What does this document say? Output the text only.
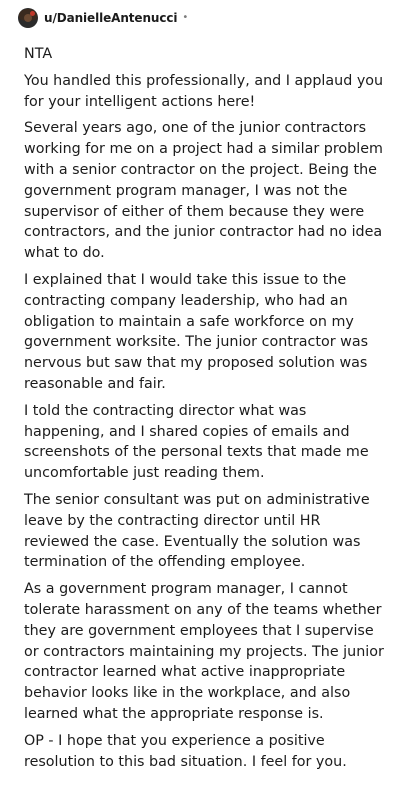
u/DanielleAntenucci •

NTA

You handled this professionally, and I applaud you for your intelligent actions here!

Several years ago, one of the junior contractors working for me on a project had a similar problem with a senior contractor on the project. Being the government program manager, I was not the supervisor of either of them because they were contractors, and the junior contractor had no idea what to do.

I explained that I would take this issue to the contracting company leadership, who had an obligation to maintain a safe workforce on my government worksite. The junior contractor was nervous but saw that my proposed solution was reasonable and fair.

I told the contracting director what was happening, and I shared copies of emails and screenshots of the personal texts that made me uncomfortable just reading them.

The senior consultant was put on administrative leave by the contracting director until HR reviewed the case. Eventually the solution was termination of the offending employee.

As a government program manager, I cannot tolerate harassment on any of the teams whether they are government employees that I supervise or contractors maintaining my projects. The junior contractor learned what active inappropriate behavior looks like in the workplace, and also learned what the appropriate response is.

OP - I hope that you experience a positive resolution to this bad situation. I feel for you.
